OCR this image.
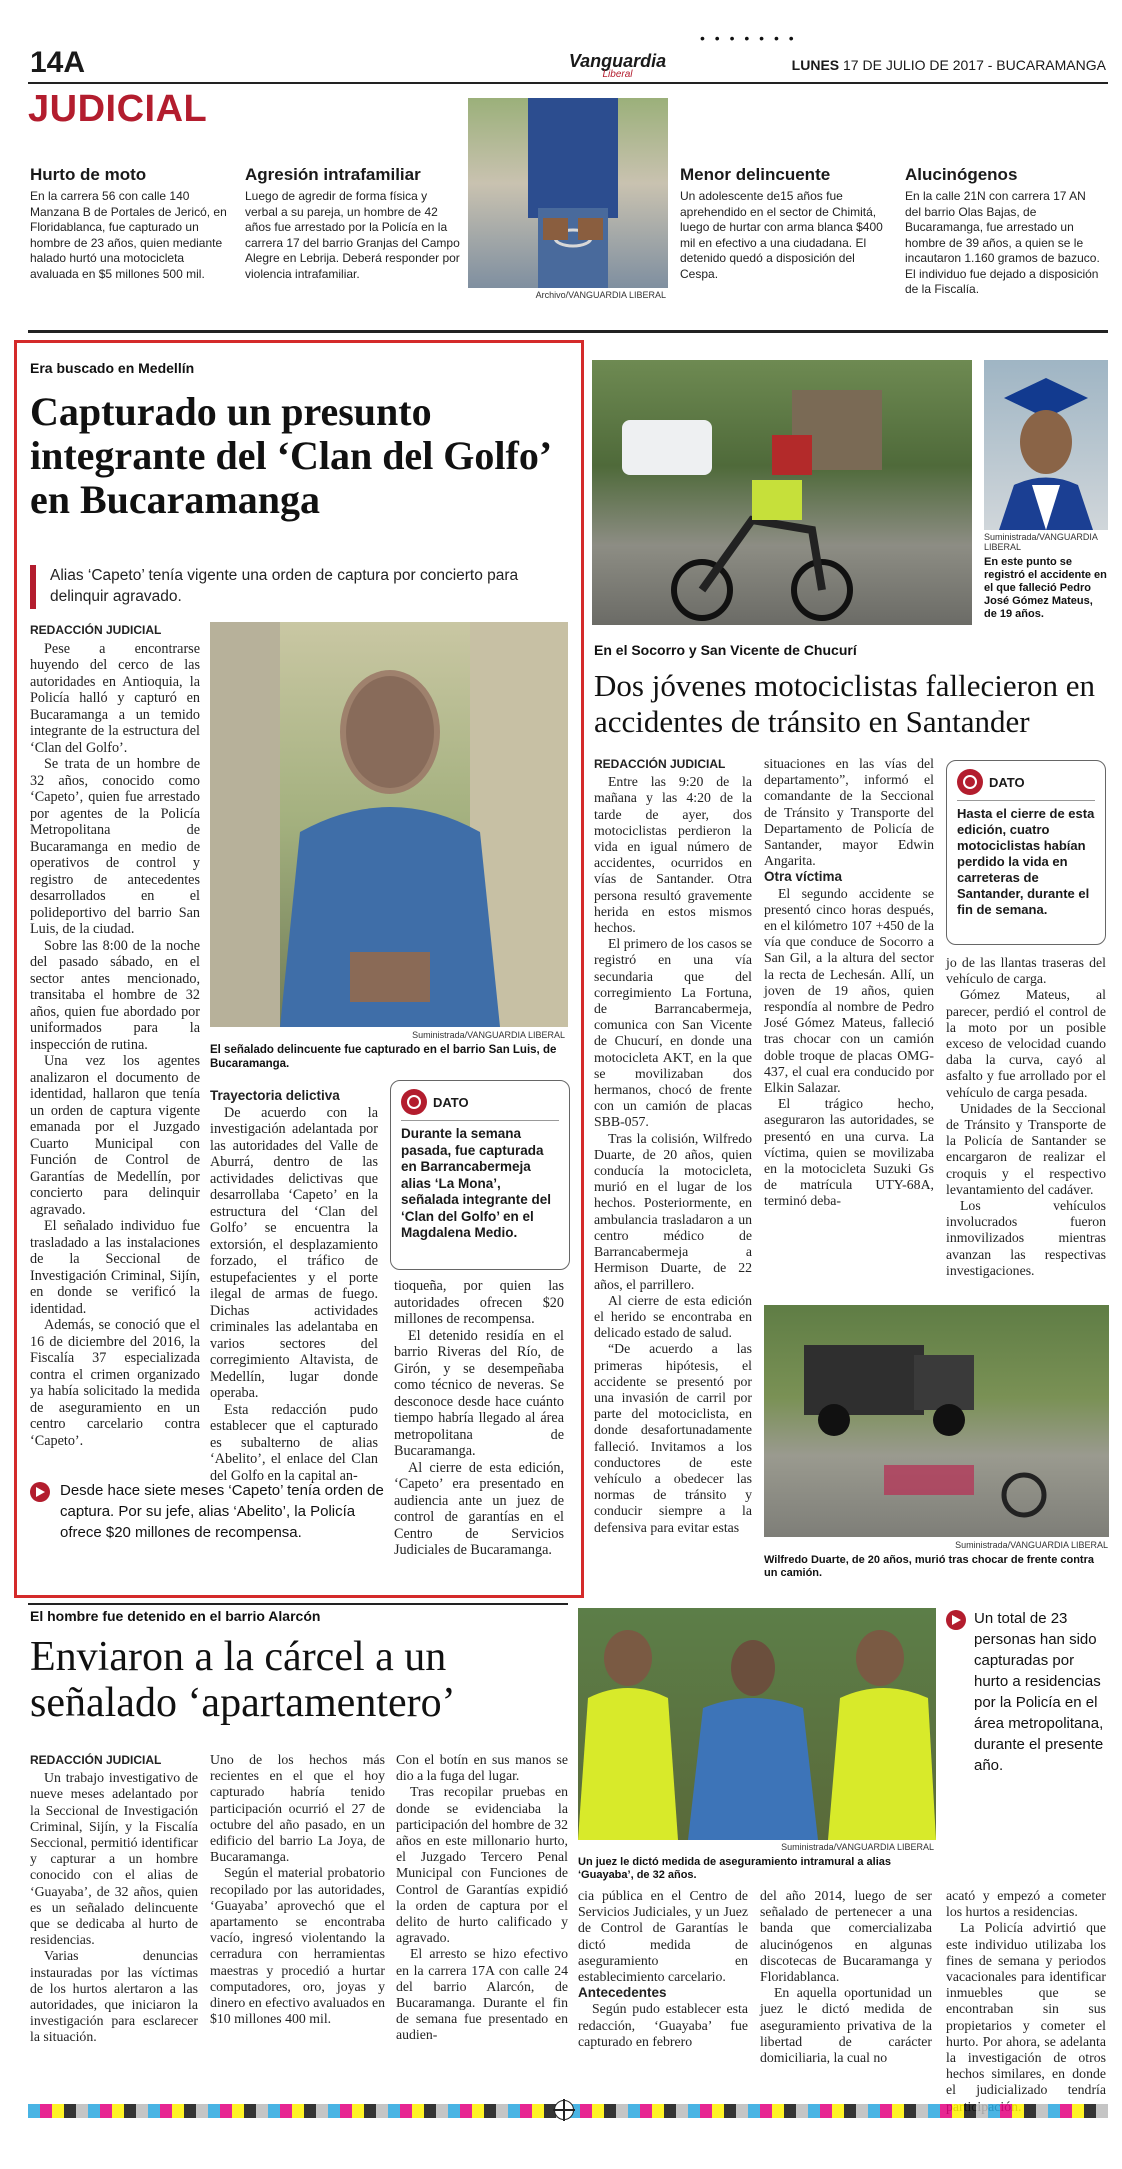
• • • • • • •
14A	Vanguardia
Liberal
LUNES 17 DE JULIO DE 2017 - BUCARAMANGA
JUDICIAL
Hurto de moto
En la carrera 56 con calle 140 Manzana B de Portales de Jericó, en Floridablanca, fue capturado un hombre de 23 años, quien mediante halado hurtó una motocicleta avaluada en $5 millones 500 mil.
Agresión intrafamiliar
Luego de agredir de forma física y verbal a su pareja, un hombre de 42 años fue arrestado por la Policía en la carrera 17 del barrio Granjas del Campo Alegre en Lebrija. Deberá responder por violencia intrafamiliar.
Archivo/VANGUARDIA LIBERAL
Menor delincuente
Un adolescente de15 años fue aprehendido en el sector de Chimitá, luego de hurtar con arma blanca $400 mil en efectivo a una ciudadana. El detenido quedó a disposición del Cespa.
Alucinógenos
En la calle 21N con carrera 17 AN del barrio Olas Bajas, de Bucaramanga, fue arrestado un hombre de 39 años, a quien se le incautaron 1.160 gramos de bazuco. El individuo fue dejado a disposición de la Fiscalía.
Era buscado en Medellín
Capturado un presunto integrante del ‘Clan del Golfo’ en Bucaramanga
Alias ‘Capeto’ tenía vigente una orden de captura por concierto para delinquir agravado.

REDACCIÓN JUDICIAL

Pese a encontrarse huyendo del cerco de las autoridades en Antioquia, la Policía halló y capturó en Bucaramanga a un temido integrante de la estructura del ‘Clan del Golfo’.

Se trata de un hombre de 32 años, conocido como ‘Capeto’, quien fue arrestado por agentes de la Policía Metropolitana de Bucaramanga en medio de operativos de control y registro de antecedentes desarrollados en el polideportivo del barrio San Luis, de la ciudad.

Sobre las 8:00 de la noche del pasado sábado, en el sector antes mencionado, transitaba el hombre de 32 años, quien fue abordado por uniformados para la inspección de rutina.

Una vez los agentes analizaron el documento de identidad, hallaron que tenía un orden de captura vigente emanada por el Juzgado Cuarto Municipal con Función de Control de Garantías de Medellín, por concierto para delinquir agravado.

El señalado individuo fue trasladado a las instalaciones de la Seccional de Investigación Criminal, Sijín, en donde se verificó la identidad.

Además, se conoció que el 16 de diciembre del 2016, la Fiscalía 37 especializada contra el crimen organizado ya había solicitado la medida de aseguramiento en un centro carcelario contra ‘Capeto’.

Suministrada/VANGUARDIA LIBERAL
El señalado delincuente fue capturado en el barrio San Luis, de Bucaramanga.

Trayectoria delictiva

De acuerdo con la investigación adelantada por las autoridades del Valle de Aburrá, dentro de las actividades delictivas que desarrollaba ‘Capeto’ en la estructura del ‘Clan del Golfo’ se encuentra la extorsión, el desplazamiento forzado, el tráfico de estupefacientes y el porte ilegal de armas de fuego. Dichas actividades criminales las adelantaba en varios sectores del corregimiento Altavista, de Medellín, lugar donde operaba.

Esta redacción pudo establecer que el capturado es subalterno de alias ‘Abelito’, el enlace del Clan del Golfo en la capital an-

DATO
Durante la semana pasada, fue capturada en Barrancabermeja alias ‘La Mona’, señalada integrante del ‘Clan del Golfo’ en el Magdalena Medio.

tioqueña, por quien las autoridades ofrecen $20 millones de recompensa.

El detenido residía en el barrio Riveras del Río, de Girón, y se desempeñaba como técnico de neveras. Se desconoce desde hace cuánto tiempo habría llegado al área metropolitana de Bucaramanga.

Al cierre de esta edición, ‘Capeto’ era presentado en audiencia ante un juez de control de garantías en el Centro de Servicios Judiciales de Bucaramanga.

Desde hace siete meses ‘Capeto’ tenía orden de captura. Por su jefe, alias ‘Abelito’, la Policía ofrece $20 millones de recompensa.
Suministrada/VANGUARDIA LIBERAL
En este punto se registró el accidente en el que falleció Pedro José Gómez Mateus, de 19 años.
En el Socorro y San Vicente de Chucurí
Dos jóvenes motociclistas fallecieron en accidentes de tránsito en Santander

REDACCIÓN JUDICIAL

Entre las 9:20 de la mañana y las 4:20 de la tarde de ayer, dos motociclistas perdieron la vida en igual número de accidentes, ocurridos en vías de Santander. Otra persona resultó gravemente herida en estos mismos hechos.

El primero de los casos se registró en una vía secundaria que del corregimiento La Fortuna, de Barrancabermeja, comunica con San Vicente de Chucurí, en donde una motocicleta AKT, en la que se movilizaban dos hermanos, chocó de frente con un camión de placas SBB-057.

Tras la colisión, Wilfredo Duarte, de 20 años, quien conducía la motocicleta, murió en el lugar de los hechos. Posteriormente, en ambulancia trasladaron a un centro médico de Barrancabermeja a Hermison Duarte, de 22 años, el parrillero.

Al cierre de esta edición el herido se encontraba en delicado estado de salud.

“De acuerdo a las primeras hipótesis, el accidente se presentó por una invasión de carril por parte del motociclista, en donde desafortunadamente falleció. Invitamos a los conductores de este vehículo a obedecer las normas de tránsito y conducir siempre a la defensiva para evitar estas

situaciones en las vías del departamento”, informó el comandante de la Seccional de Tránsito y Transporte del Departamento de Policía de Santander, mayor Edwin Angarita.

Otra víctima

El segundo accidente se presentó cinco horas después, en el kilómetro 107 +450 de la vía que conduce de Socorro a San Gil, a la altura del sector la recta de Lechesán. Allí, un joven de 19 años, quien respondía al nombre de Pedro José Gómez Mateus, falleció tras chocar con un camión doble troque de placas OMG-437, el cual era conducido por Elkin Salazar.

El trágico hecho, aseguraron las autoridades, se presentó en una curva. La víctima, quien se movilizaba en la motocicleta Suzuki Gs de matrícula UTY-68A, terminó deba-

DATO
Hasta el cierre de esta edición, cuatro motociclistas habían perdido la vida en carreteras de Santander, durante el fin de semana.

jo de las llantas traseras del vehículo de carga.

Gómez Mateus, al parecer, perdió el control de la moto por un posible exceso de velocidad cuando daba la curva, cayó al asfalto y fue arrollado por el vehículo de carga pesada.

Unidades de la Seccional de Tránsito y Transporte de la Policía de Santander se encargaron de realizar el croquis y el respectivo levantamiento del cadáver.

Los vehículos involucrados fueron inmovilizados mientras avanzan las respectivas investigaciones.

Suministrada/VANGUARDIA LIBERAL
Wilfredo Duarte, de 20 años, murió tras chocar de frente contra un camión.
El hombre fue detenido en el barrio Alarcón
Enviaron a la cárcel a un señalado ‘apartamentero’

REDACCIÓN JUDICIAL

Un trabajo investigativo de nueve meses adelantado por la Seccional de Investigación Criminal, Sijín, y la Fiscalía Seccional, permitió identificar y capturar a un hombre conocido con el alias de ‘Guayaba’, de 32 años, quien es un señalado delincuente que se dedicaba al hurto de residencias.

Varias denuncias instauradas por las víctimas de los hurtos alertaron a las autoridades, que iniciaron la investigación para esclarecer la situación.

Uno de los hechos más recientes en el que el hoy capturado habría tenido participación ocurrió el 27 de octubre del año pasado, en un edificio del barrio La Joya, de Bucaramanga.

Según el material probatorio recopilado por las autoridades, ‘Guayaba’ aprovechó que el apartamento se encontraba vacío, ingresó violentando la cerradura con herramientas maestras y procedió a hurtar computadores, oro, joyas y dinero en efectivo avaluados en $10 millones 400 mil.

Con el botín en sus manos se dio a la fuga del lugar.

Tras recopilar pruebas en donde se evidenciaba la participación del hombre de 32 años en este millonario hurto, el Juzgado Tercero Penal Municipal con Funciones de Control de Garantías expidió la orden de captura por el delito de hurto calificado y agravado.

El arresto se hizo efectivo en la carrera 17A con calle 24 del barrio Alarcón, de Bucaramanga. Durante el fin de semana fue presentado en audien-

Suministrada/VANGUARDIA LIBERAL
Un juez le dictó medida de aseguramiento intramural a alias ‘Guayaba’, de 32 años.
Un total de 23 personas han sido capturadas por hurto a residencias por la Policía en el área metropolitana, durante el presente año.

cia pública en el Centro de Servicios Judiciales, y un Juez de Control de Garantías le dictó medida de aseguramiento en establecimiento carcelario.

Antecedentes

Según pudo establecer esta redacción, ‘Guayaba’ fue capturado en febrero

del año 2014, luego de ser señalado de pertenecer a una banda que comercializaba alucinógenos en algunas discotecas de Bucaramanga y Floridablanca.

En aquella oportunidad un juez le dictó medida de aseguramiento privativa de la libertad de carácter domiciliaria, la cual no

acató y empezó a cometer los hurtos a residencias.

La Policía advirtió que este individuo utilizaba los fines de semana y periodos vacacionales para identificar inmuebles que se encontraban sin sus propietarios y cometer el hurto. Por ahora, se adelanta la investigación de otros hechos similares, en donde el judicializado tendría
